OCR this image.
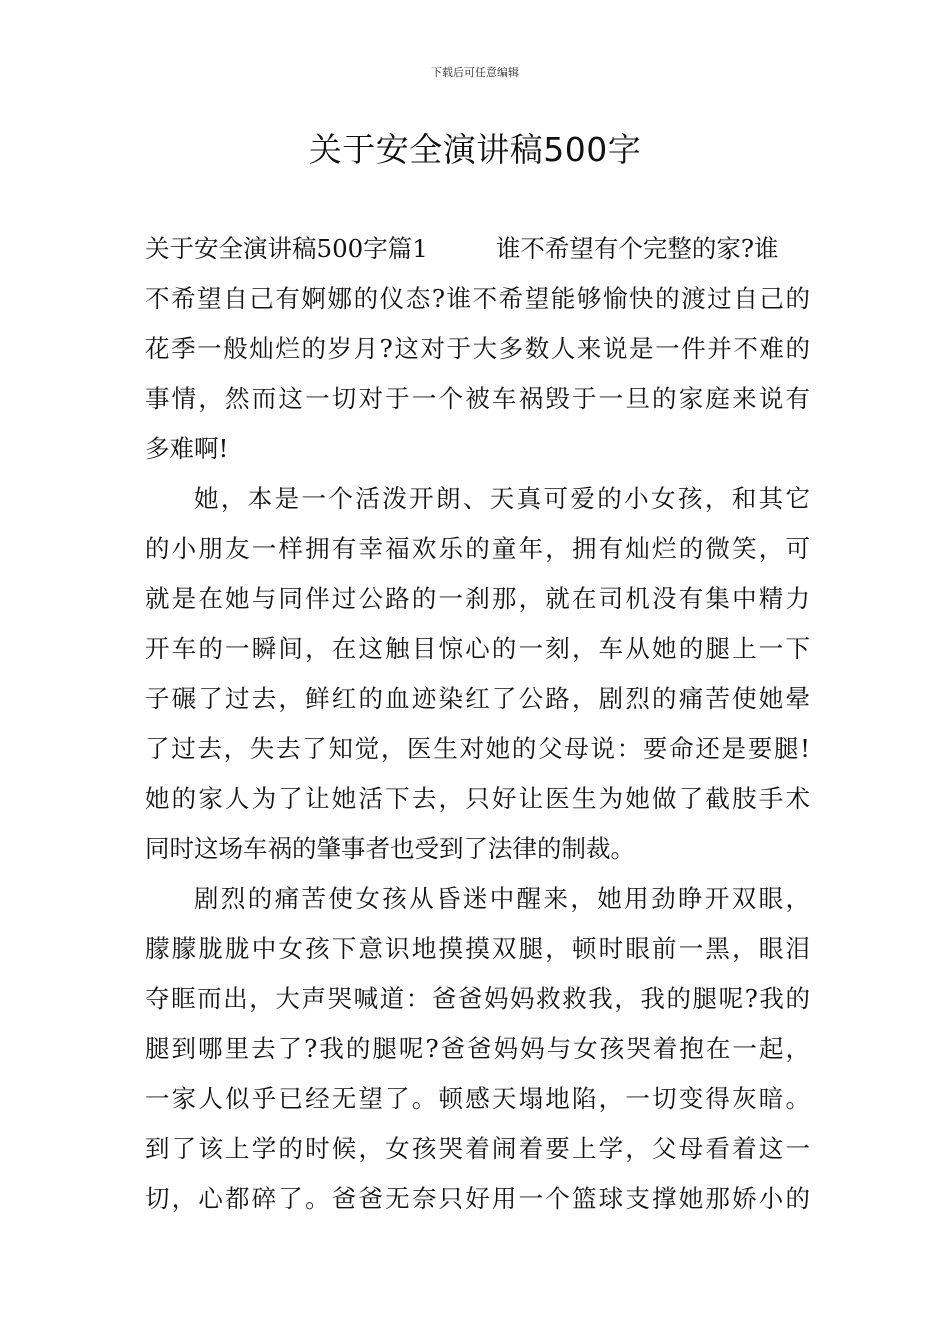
下载后可任意编辑
关于安全演讲稿500字
关于安全演讲稿500字篇1	谁不希望有个完整的家?谁
不希望自己有婀娜的仪态?谁不希望能够愉快的渡过自己的
花季一般灿烂的岁月?这对于大多数人来说是一件并不难的
事情，然而这一切对于一个被车祸毁于一旦的家庭来说有
多难啊!
她，本是一个活泼开朗、天真可爱的小女孩，和其它
的小朋友一样拥有幸福欢乐的童年，拥有灿烂的微笑，可
就是在她与同伴过公路的一刹那，就在司机没有集中精力
开车的一瞬间，在这触目惊心的一刻，车从她的腿上一下
子碾了过去，鲜红的血迹染红了公路，剧烈的痛苦使她晕
了过去，失去了知觉，医生对她的父母说：要命还是要腿!
她的家人为了让她活下去，只好让医生为她做了截肢手术
同时这场车祸的肇事者也受到了法律的制裁。
剧烈的痛苦使女孩从昏迷中醒来，她用劲睁开双眼，
朦朦胧胧中女孩下意识地摸摸双腿，顿时眼前一黑，眼泪
夺眶而出，大声哭喊道：爸爸妈妈救救我，我的腿呢?我的
腿到哪里去了?我的腿呢?爸爸妈妈与女孩哭着抱在一起，
一家人似乎已经无望了。顿感天塌地陷，一切变得灰暗。
到了该上学的时候，女孩哭着闹着要上学，父母看着这一
切，心都碎了。爸爸无奈只好用一个篮球支撑她那娇小的
